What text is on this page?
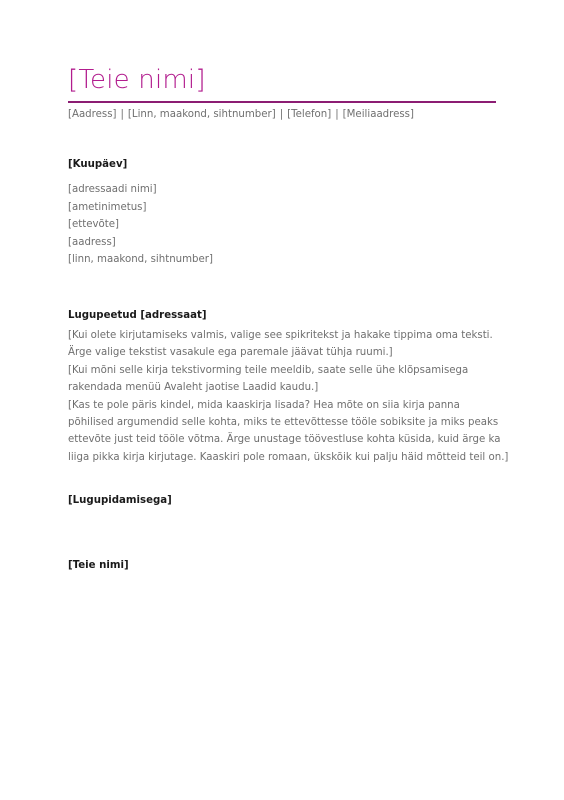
[Teie nimi]
[Aadress] | [Linn, maakond, sihtnumber] | [Telefon] | [Meiliaadress]
[Kuupäev]
[adressaadi nimi]
[ametinimetus]
[ettevõte]
[aadress]
[linn, maakond, sihtnumber]
Lugupeetud [adressaat]
[Kui olete kirjutamiseks valmis, valige see spikritekst ja hakake tippima oma teksti.
Ärge valige tekstist vasakule ega paremale jäävat tühja ruumi.]
[Kui mõni selle kirja tekstivorming teile meeldib, saate selle ühe klõpsamisega
rakendada menüü Avaleht jaotise Laadid kaudu.]
[Kas te pole päris kindel, mida kaaskirja lisada? Hea mõte on siia kirja panna
põhilised argumendid selle kohta, miks te ettevõttesse tööle sobiksite ja miks peaks
ettevõte just teid tööle võtma. Ärge unustage töövestluse kohta küsida, kuid ärge ka
liiga pikka kirja kirjutage. Kaaskiri pole romaan, ükskõik kui palju häid mõtteid teil on.]
[Lugupidamisega]
[Teie nimi]
